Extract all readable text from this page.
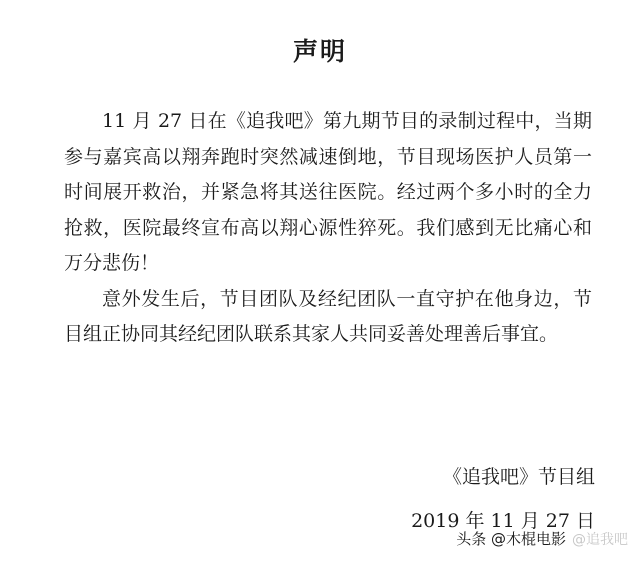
声明

11 月 27 日在《追我吧》第九期节目的录制过程中，当期参与嘉宾高以翔奔跑时突然减速倒地，节目现场医护人员第一时间展开救治，并紧急将其送往医院。经过两个多小时的全力抢救，医院最终宣布高以翔心源性猝死。我们感到无比痛心和万分悲伤！

意外发生后，节目团队及经纪团队一直守护在他身边，节目组正协同其经纪团队联系其家人共同妥善处理善后事宜。

《追我吧》节目组
2019 年 11 月 27 日
头条 @木棍电影 @追我吧
